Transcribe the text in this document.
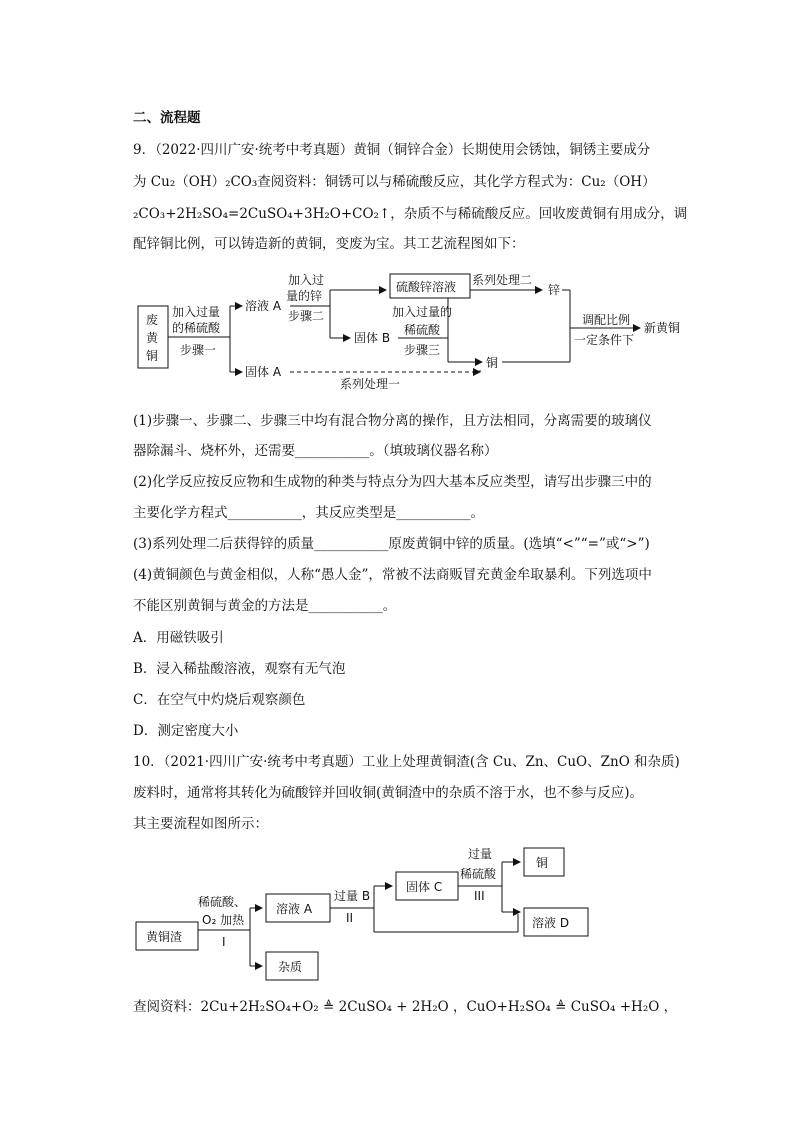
二、流程题
9．（2022·四川广安·统考中考真题）黄铜（铜锌合金）长期使用会锈蚀，铜锈主要成分
为 Cu₂（OH）₂CO₃查阅资料：铜锈可以与稀硫酸反应，其化学方程式为：Cu₂（OH）
₂CO₃+2H₂SO₄=2CuSO₄+3H₂O+CO₂↑，杂质不与稀硫酸反应。回收废黄铜有用成分，调
配锌铜比例，可以铸造新的黄铜，变废为宝。其工艺流程图如下：
废
黄
铜
加入过量
的稀硫酸
步骤一
溶液 A
固体 A
加入过
量的锌
步骤二
硫酸锌溶液
固体 B
系列处理二
锌
加入过量的
稀硫酸
步骤三
铜
系列处理一
调配比例
一定条件下
新黄铜
(1)步骤一、步骤二、步骤三中均有混合物分离的操作，且方法相同，分离需要的玻璃仪
器除漏斗、烧杯外，还需要___________。（填玻璃仪器名称）
(2)化学反应按反应物和生成物的种类与特点分为四大基本反应类型，请写出步骤三中的
主要化学方程式___________，其反应类型是___________。
(3)系列处理二后获得锌的质量___________原废黄铜中锌的质量。(选填“<”“=”或“>”)
(4)黄铜颜色与黄金相似，人称“愚人金”，常被不法商贩冒充黄金牟取暴利。下列选项中
不能区别黄铜与黄金的方法是___________。
A．用磁铁吸引
B．浸入稀盐酸溶液，观察有无气泡
C．在空气中灼烧后观察颜色
D．测定密度大小
10．（2021·四川广安·统考中考真题）工业上处理黄铜渣(含 Cu、Zn、CuO、ZnO 和杂质)
废料时，通常将其转化为硫酸锌并回收铜(黄铜渣中的杂质不溶于水，也不参与反应)。
其主要流程如图所示：
黄铜渣
稀硫酸、
O₂ 加热
I
溶液 A
杂质
过量 B
II
固体 C
过量
稀硫酸
III
铜
溶液 D
查阅资料：2Cu+2H₂SO₄+O₂ ≜ 2CuSO₄ + 2H₂O ，CuO+H₂SO₄ ≜ CuSO₄ +H₂O ，
